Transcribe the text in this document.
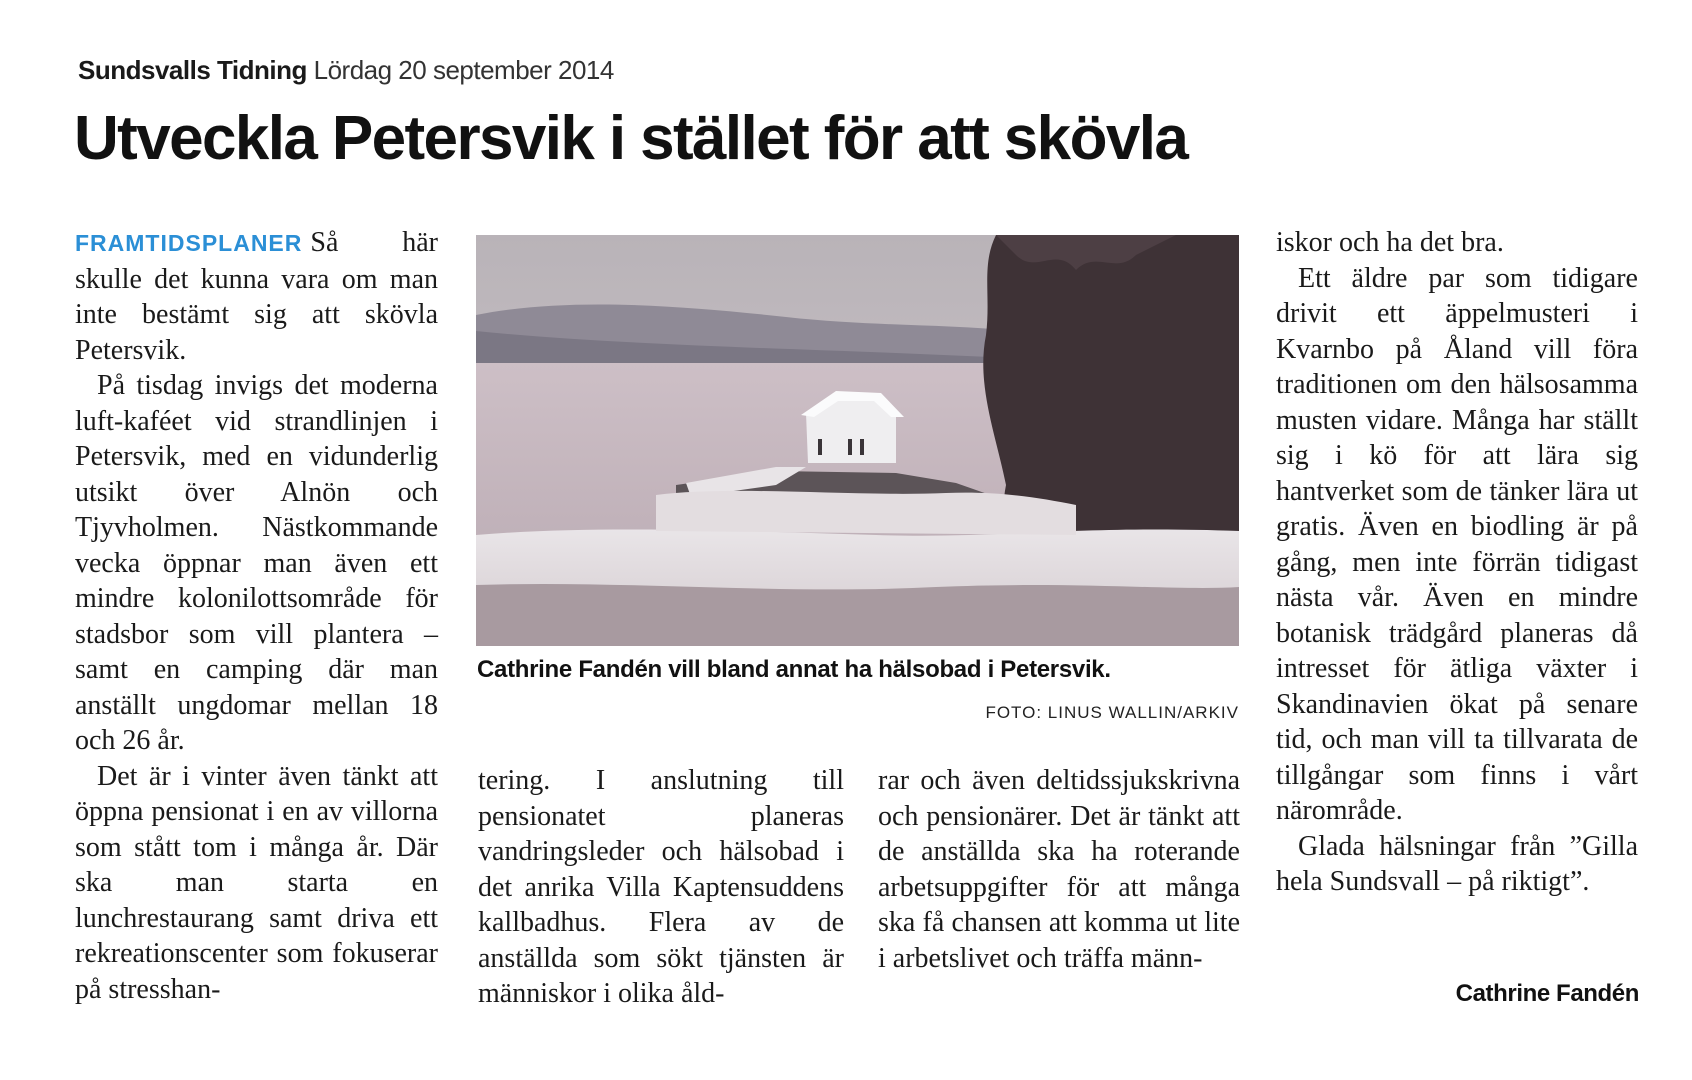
Sundsvalls Tidning Lördag 20 september 2014
Utveckla Petersvik i stället för att skövla

FRAMTIDSPLANER Så här skulle det kunna vara om man inte bestämt sig att skövla Petersvik.

På tisdag invigs det moderna luft-kaféet vid strandlinjen i Petersvik, med en vidunderlig utsikt över Alnön och Tjyvholmen. Nästkommande vecka öppnar man även ett mindre kolonilottsområde för stadsbor som vill plantera – samt en camping där man anställt ungdomar mellan 18 och 26 år.

Det är i vinter även tänkt att öppna pensionat i en av villorna som stått tom i många år. Där ska man starta en lunchrestaurang samt driva ett rekreationscenter som fokuserar på stresshan-

Cathrine Fandén vill bland annat ha hälsobad i Petersvik.
FOTO: LINUS WALLIN/ARKIV

tering. I anslutning till pensionatet planeras vandringsleder och hälsobad i det anrika Villa Kaptensuddens kallbadhus. Flera av de anställda som sökt tjänsten är människor i olika åld-

rar och även deltidssjukskrivna och pensionärer. Det är tänkt att de anställda ska ha roterande arbetsuppgifter för att många ska få chansen att komma ut lite i arbetslivet och träffa männ-

iskor och ha det bra.

Ett äldre par som tidigare drivit ett äppelmusteri i Kvarnbo på Åland vill föra traditionen om den hälsosamma musten vidare. Många har ställt sig i kö för att lära sig hantverket som de tänker lära ut gratis. Även en biodling är på gång, men inte förrän tidigast nästa vår. Även en mindre botanisk trädgård planeras då intresset för ätliga växter i Skandinavien ökat på senare tid, och man vill ta tillvarata de tillgångar som finns i vårt närområde.

Glada hälsningar från ”Gilla hela Sundsvall – på riktigt”.

Cathrine Fandén
